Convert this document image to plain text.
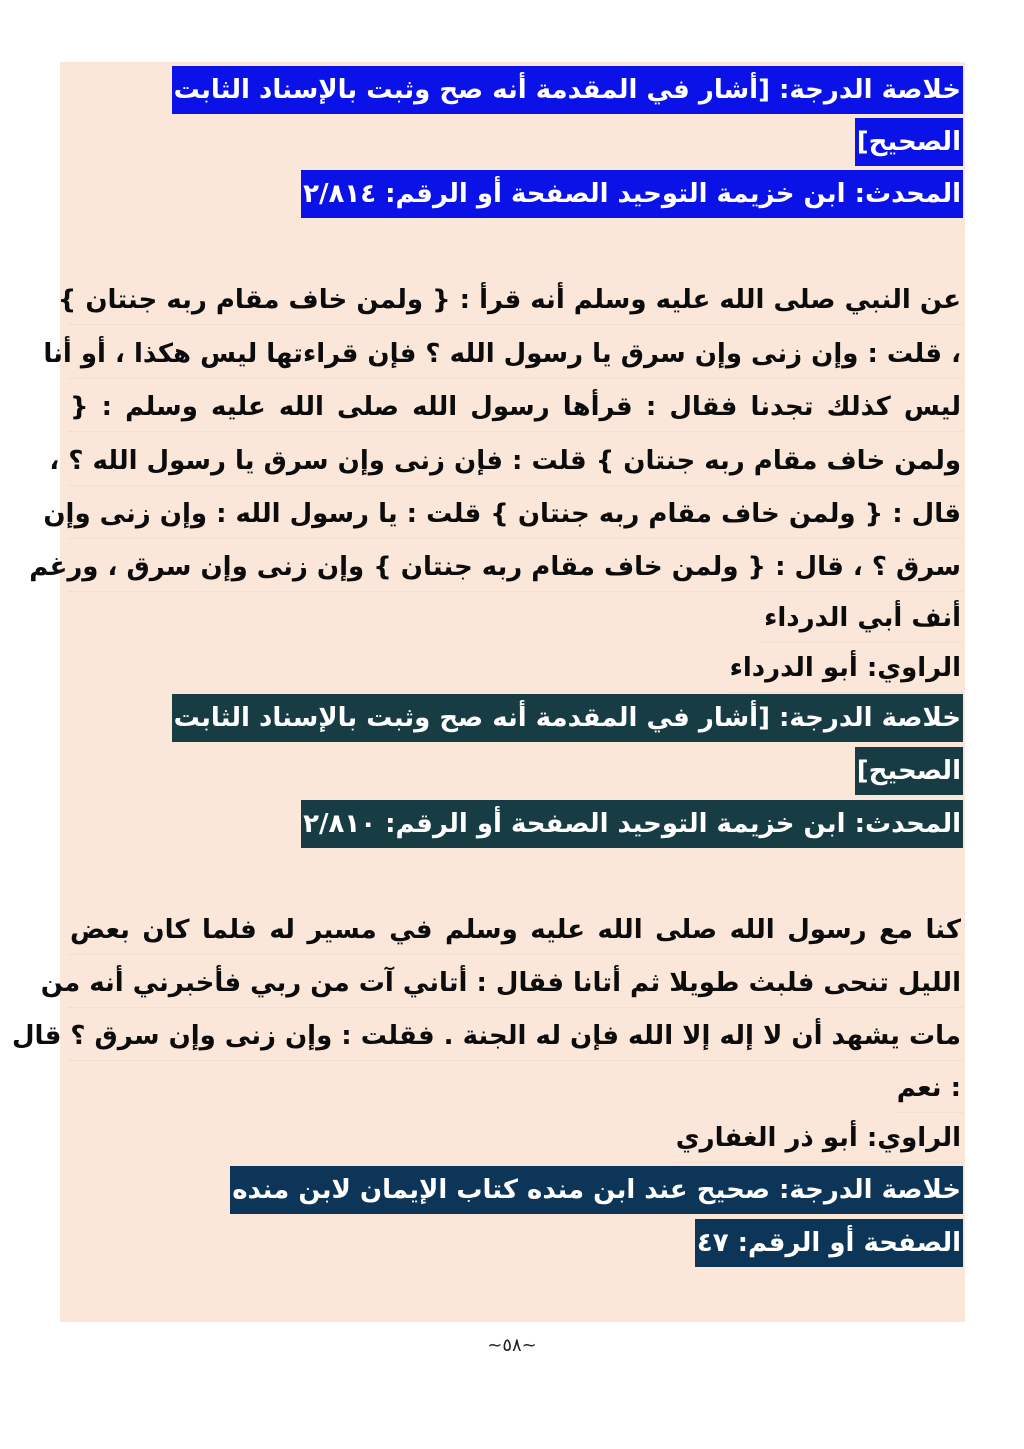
خلاصة الدرجة: [أشار في المقدمة أنه صح وثبت بالإسناد الثابت
الصحيح]
المحدث: ابن خزيمة التوحيد الصفحة أو الرقم: ٢/٨١٤
عن النبي صلى الله عليه وسلم أنه قرأ : { ولمن خاف مقام ربه جنتان }
، قلت : وإن زنى وإن سرق يا رسول الله ؟ فإن قراءتها ليس هكذا ، أو أنا
ليس كذلك تجدنا فقال : قرأها رسول الله صلى الله عليه وسلم : {
ولمن خاف مقام ربه جنتان } قلت : فإن زنى وإن سرق يا رسول الله ؟ ،
قال : { ولمن خاف مقام ربه جنتان } قلت : يا رسول الله : وإن زنى وإن
سرق ؟ ، قال : { ولمن خاف مقام ربه جنتان } وإن زنى وإن سرق ، ورغم
أنف أبي الدرداء
الراوي: أبو الدرداء
خلاصة الدرجة: [أشار في المقدمة أنه صح وثبت بالإسناد الثابت
الصحيح]
المحدث: ابن خزيمة التوحيد الصفحة أو الرقم: ٢/٨١٠
كنا مع رسول الله صلى الله عليه وسلم في مسير له فلما كان بعض
الليل تنحى فلبث طويلا ثم أتانا فقال : أتاني آت من ربي فأخبرني أنه من
مات يشهد أن لا إله إلا الله فإن له الجنة . فقلت : وإن زنى وإن سرق ؟ قال
: نعم
الراوي: أبو ذر الغفاري
خلاصة الدرجة: صحيح عند ابن منده كتاب الإيمان لابن منده
الصفحة أو الرقم: ٤٧
~٥٨~
